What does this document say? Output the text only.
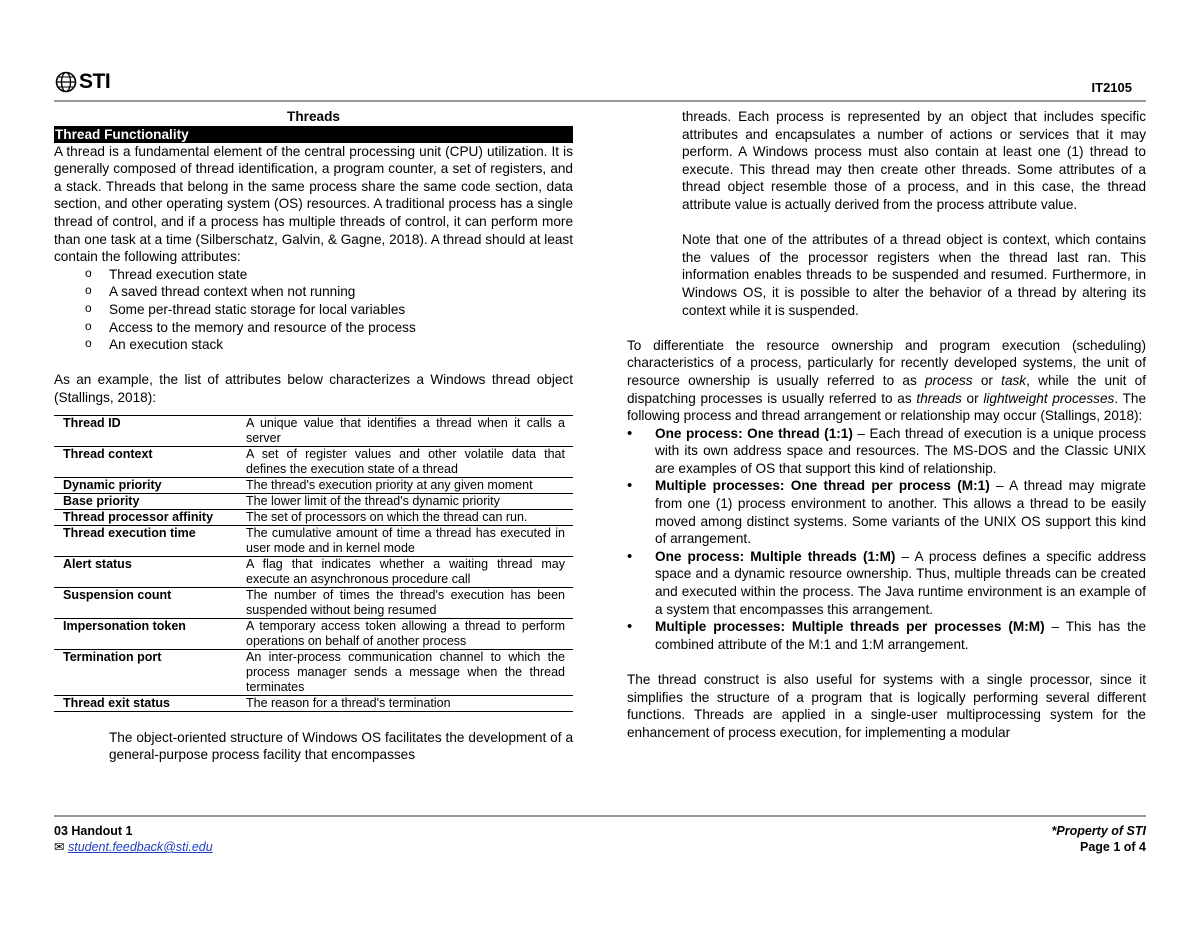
STI	IT2105
Threads
Thread Functionality

A thread is a fundamental element of the central processing unit (CPU) utilization. It is generally composed of thread identification, a program counter, a set of registers, and a stack. Threads that belong in the same process share the same code section, data section, and other operating system (OS) resources. A traditional process has a single thread of control, and if a process has multiple threads of control, it can perform more than one task at a time (Silberschatz, Galvin, & Gagne, 2018). A thread should at least contain the following attributes:

o Thread execution state
o A saved thread context when not running
o Some per-thread static storage for local variables
o Access to the memory and resource of the process
o An execution stack

As an example, the list of attributes below characterizes a Windows thread object (Stallings, 2018):

Thread ID	A unique value that identifies a thread when it calls a server
Thread context	A set of register values and other volatile data that defines the execution state of a thread
Dynamic priority	The thread's execution priority at any given moment
Base priority	The lower limit of the thread's dynamic priority
Thread processor affinity	The set of processors on which the thread can run.
Thread execution time	The cumulative amount of time a thread has executed in user mode and in kernel mode
Alert status	A flag that indicates whether a waiting thread may execute an asynchronous procedure call
Suspension count	The number of times the thread's execution has been suspended without being resumed
Impersonation token	A temporary access token allowing a thread to perform operations on behalf of another process
Termination port	An inter-process communication channel to which the process manager sends a message when the thread terminates
Thread exit status	The reason for a thread's termination

The object-oriented structure of Windows OS facilitates the development of a general-purpose process facility that encompasses

threads. Each process is represented by an object that includes specific attributes and encapsulates a number of actions or services that it may perform. A Windows process must also contain at least one (1) thread to execute. This thread may then create other threads. Some attributes of a thread object resemble those of a process, and in this case, the thread attribute value is actually derived from the process attribute value.

Note that one of the attributes of a thread object is context, which contains the values of the processor registers when the thread last ran. This information enables threads to be suspended and resumed. Furthermore, in Windows OS, it is possible to alter the behavior of a thread by altering its context while it is suspended.

To differentiate the resource ownership and program execution (scheduling) characteristics of a process, particularly for recently developed systems, the unit of resource ownership is usually referred to as process or task, while the unit of dispatching processes is usually referred to as threads or lightweight processes. The following process and thread arrangement or relationship may occur (Stallings, 2018):

• One process: One thread (1:1) – Each thread of execution is a unique process with its own address space and resources. The MS-DOS and the Classic UNIX are examples of OS that support this kind of relationship.
• Multiple processes: One thread per process (M:1) – A thread may migrate from one (1) process environment to another. This allows a thread to be easily moved among distinct systems. Some variants of the UNIX OS support this kind of arrangement.
• One process: Multiple threads (1:M) – A process defines a specific address space and a dynamic resource ownership. Thus, multiple threads can be created and executed within the process. The Java runtime environment is an example of a system that encompasses this arrangement.
• Multiple processes: Multiple threads per processes (M:M) – This has the combined attribute of the M:1 and 1:M arrangement.

The thread construct is also useful for systems with a single processor, since it simplifies the structure of a program that is logically performing several different functions. Threads are applied in a single-user multiprocessing system for the enhancement of process execution, for implementing a modular

03 Handout 1
✉ student.feedback@sti.edu
*Property of STI
Page 1 of 4
